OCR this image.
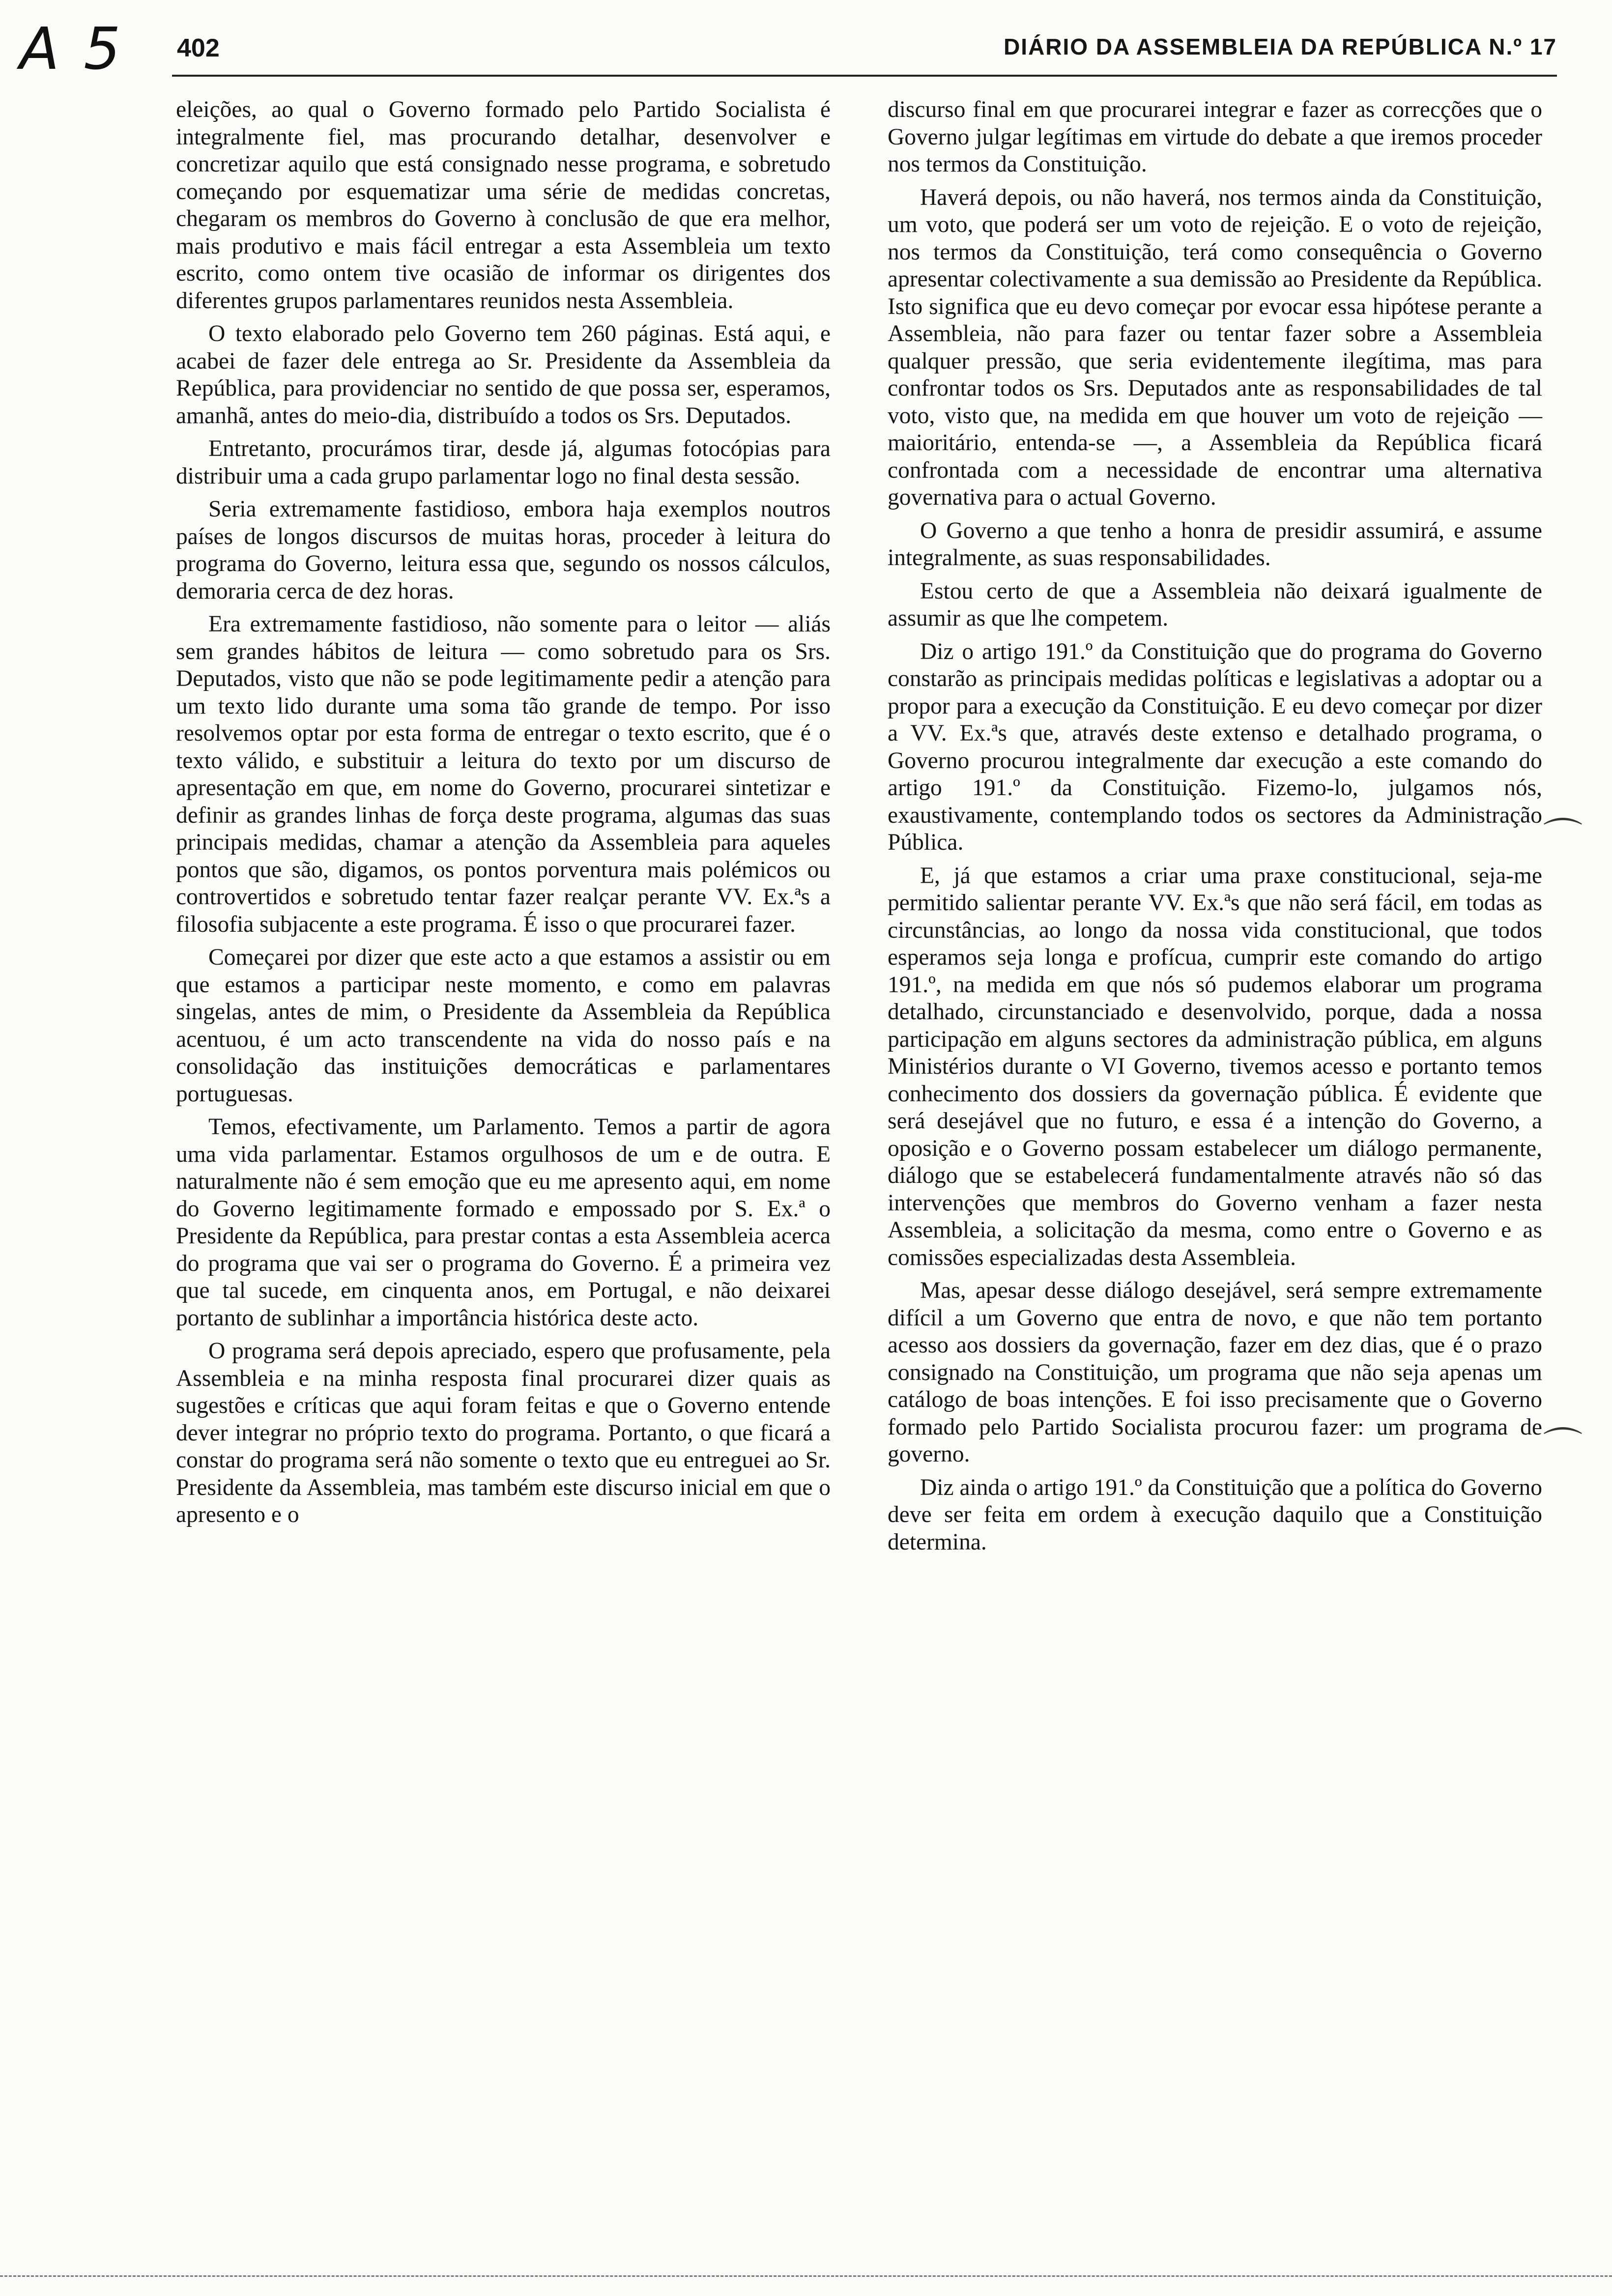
A 5 402	DIÁRIO DA ASSEMBLEIA DA REPÚBLICA N.º 17

eleições, ao qual o Governo formado pelo Partido Socialista é integralmente fiel, mas procurando detalhar, desenvolver e concretizar aquilo que está consignado nesse programa, e sobretudo começando por esquematizar uma série de medidas concretas, chegaram os membros do Governo à conclusão de que era melhor, mais produtivo e mais fácil entregar a esta Assembleia um texto escrito, como ontem tive ocasião de informar os dirigentes dos diferentes grupos parlamentares reunidos nesta Assembleia.

O texto elaborado pelo Governo tem 260 páginas. Está aqui, e acabei de fazer dele entrega ao Sr. Presidente da Assembleia da República, para providenciar no sentido de que possa ser, esperamos, amanhã, antes do meio-dia, distribuído a todos os Srs. Deputados.

Entretanto, procurámos tirar, desde já, algumas fotocópias para distribuir uma a cada grupo parlamentar logo no final desta sessão.

Seria extremamente fastidioso, embora haja exemplos noutros países de longos discursos de muitas horas, proceder à leitura do programa do Governo, leitura essa que, segundo os nossos cálculos, demoraria cerca de dez horas.

Era extremamente fastidioso, não somente para o leitor — aliás sem grandes hábitos de leitura — como sobretudo para os Srs. Deputados, visto que não se pode legitimamente pedir a atenção para um texto lido durante uma soma tão grande de tempo. Por isso resolvemos optar por esta forma de entregar o texto escrito, que é o texto válido, e substituir a leitura do texto por um discurso de apresentação em que, em nome do Governo, procurarei sintetizar e definir as grandes linhas de força deste programa, algumas das suas principais medidas, chamar a atenção da Assembleia para aqueles pontos que são, digamos, os pontos porventura mais polémicos ou controvertidos e sobretudo tentar fazer realçar perante VV. Ex.ªs a filosofia subjacente a este programa. É isso o que procurarei fazer.

Começarei por dizer que este acto a que estamos a assistir ou em que estamos a participar neste momento, e como em palavras singelas, antes de mim, o Presidente da Assembleia da República acentuou, é um acto transcendente na vida do nosso país e na consolidação das instituições democráticas e parlamentares portuguesas.

Temos, efectivamente, um Parlamento. Temos a partir de agora uma vida parlamentar. Estamos orgulhosos de um e de outra. E naturalmente não é sem emoção que eu me apresento aqui, em nome do Governo legitimamente formado e empossado por S. Ex.ª o Presidente da República, para prestar contas a esta Assembleia acerca do programa que vai ser o programa do Governo. É a primeira vez que tal sucede, em cinquenta anos, em Portugal, e não deixarei portanto de sublinhar a importância histórica deste acto.

O programa será depois apreciado, espero que profusamente, pela Assembleia e na minha resposta final procurarei dizer quais as sugestões e críticas que aqui foram feitas e que o Governo entende dever integrar no próprio texto do programa. Portanto, o que ficará a constar do programa será não somente o texto que eu entreguei ao Sr. Presidente da Assembleia, mas também este discurso inicial em que o apresento e o

discurso final em que procurarei integrar e fazer as correcções que o Governo julgar legítimas em virtude do debate a que iremos proceder nos termos da Constituição.

Haverá depois, ou não haverá, nos termos ainda da Constituição, um voto, que poderá ser um voto de rejeição. E o voto de rejeição, nos termos da Constituição, terá como consequência o Governo apresentar colectivamente a sua demissão ao Presidente da República. Isto significa que eu devo começar por evocar essa hipótese perante a Assembleia, não para fazer ou tentar fazer sobre a Assembleia qualquer pressão, que seria evidentemente ilegítima, mas para confrontar todos os Srs. Deputados ante as responsabilidades de tal voto, visto que, na medida em que houver um voto de rejeição — maioritário, entenda-se —, a Assembleia da República ficará confrontada com a necessidade de encontrar uma alternativa governativa para o actual Governo.

O Governo a que tenho a honra de presidir assumirá, e assume integralmente, as suas responsabilidades.

Estou certo de que a Assembleia não deixará igualmente de assumir as que lhe competem.

Diz o artigo 191.º da Constituição que do programa do Governo constarão as principais medidas políticas e legislativas a adoptar ou a propor para a execução da Constituição. E eu devo começar por dizer a VV. Ex.ªs que, através deste extenso e detalhado programa, o Governo procurou integralmente dar execução a este comando do artigo 191.º da Constituição. Fizemo-lo, julgamos nós, exaustivamente, contemplando todos os sectores da Administração Pública.

E, já que estamos a criar uma praxe constitucional, seja-me permitido salientar perante VV. Ex.ªs que não será fácil, em todas as circunstâncias, ao longo da nossa vida constitucional, que todos esperamos seja longa e profícua, cumprir este comando do artigo 191.º, na medida em que nós só pudemos elaborar um programa detalhado, circunstanciado e desenvolvido, porque, dada a nossa participação em alguns sectores da administração pública, em alguns Ministérios durante o VI Governo, tivemos acesso e portanto temos conhecimento dos dossiers da governação pública. É evidente que será desejável que no futuro, e essa é a intenção do Governo, a oposição e o Governo possam estabelecer um diálogo permanente, diálogo que se estabelecerá fundamentalmente através não só das intervenções que membros do Governo venham a fazer nesta Assembleia, a solicitação da mesma, como entre o Governo e as comissões especializadas desta Assembleia.

Mas, apesar desse diálogo desejável, será sempre extremamente difícil a um Governo que entra de novo, e que não tem portanto acesso aos dossiers da governação, fazer em dez dias, que é o prazo consignado na Constituição, um programa que não seja apenas um catálogo de boas intenções. E foi isso precisamente que o Governo formado pelo Partido Socialista procurou fazer: um programa de governo.

Diz ainda o artigo 191.º da Constituição que a política do Governo deve ser feita em ordem à execução daquilo que a Constituição determina.

⌒
⌒
